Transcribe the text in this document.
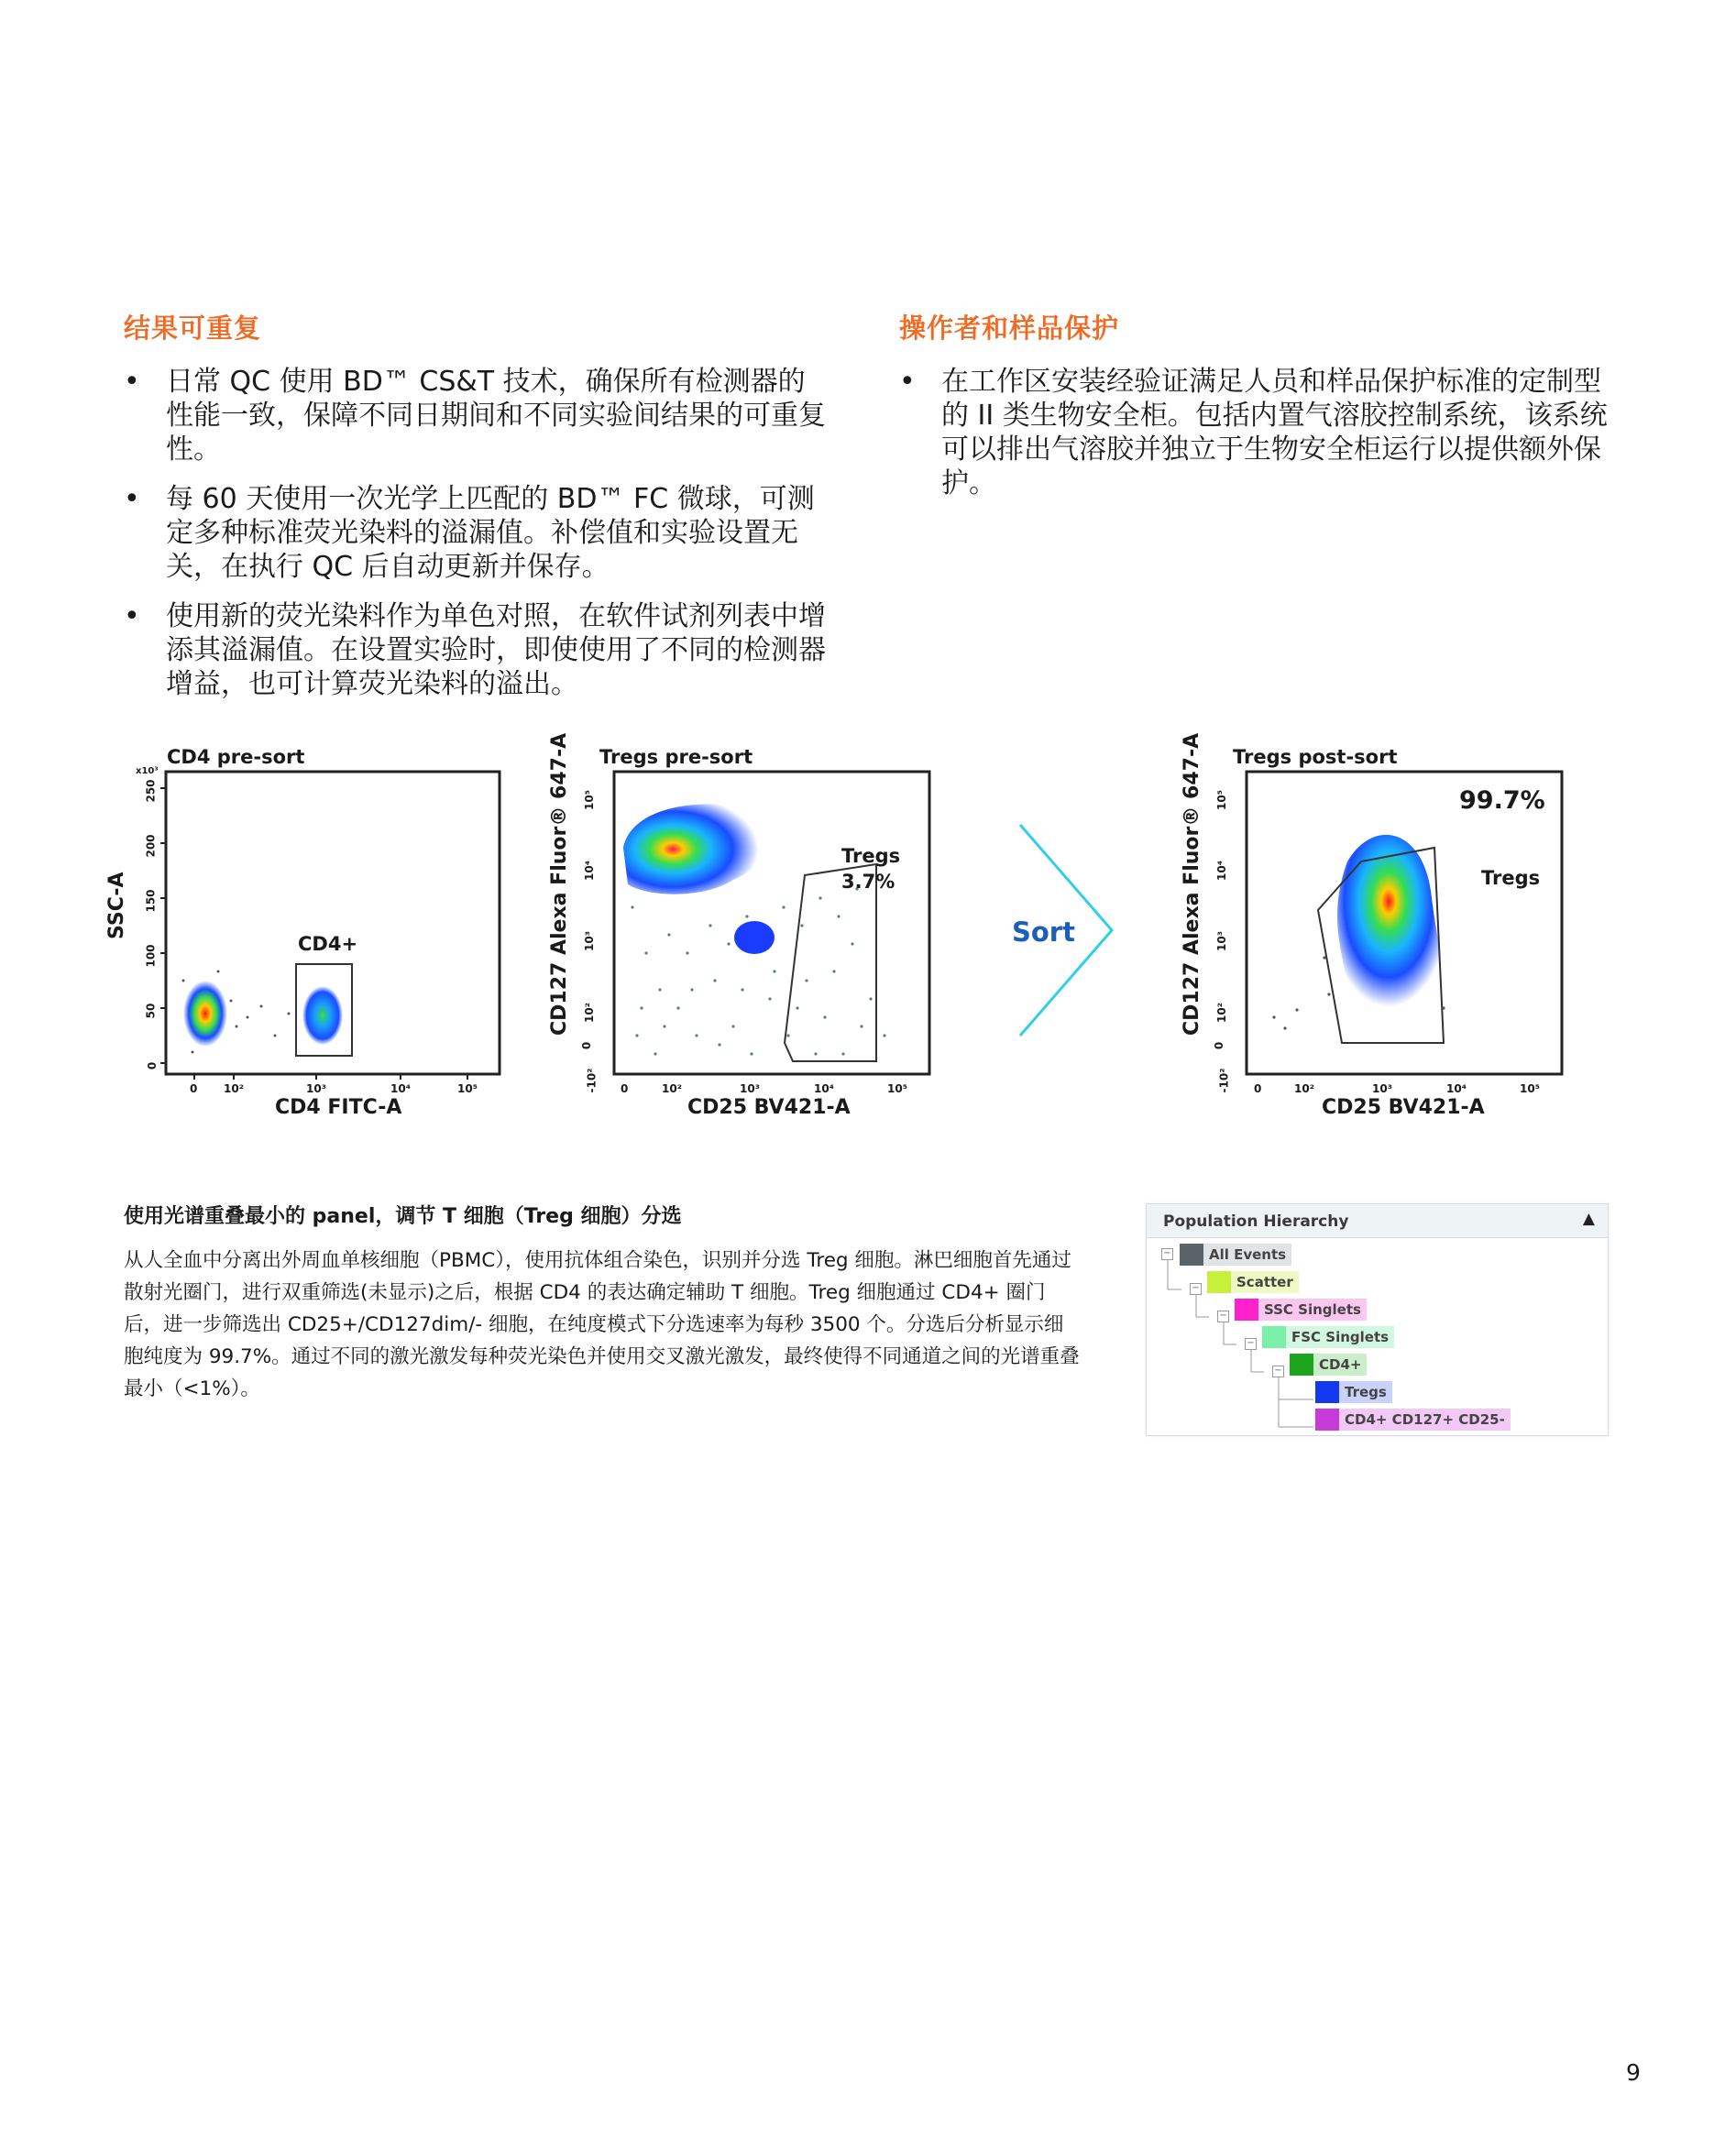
结果可重复
• 日常 QC 使用 BD™ CS&T 技术，确保所有检测器的性能一致，保障不同日期间和不同实验间结果的可重复性。
• 每 60 天使用一次光学上匹配的 BD™ FC 微球，可测定多种标准荧光染料的溢漏值。补偿值和实验设置无关，在执行 QC 后自动更新并保存。
• 使用新的荧光染料作为单色对照，在软件试剂列表中增添其溢漏值。在设置实验时，即使使用了不同的检测器增益，也可计算荧光染料的溢出。
操作者和样品保护
• 在工作区安装经验证满足人员和样品保护标准的定制型的 II 类生物安全柜。包括内置气溶胶控制系统，该系统可以排出气溶胶并独立于生物安全柜运行以提供额外保护。
CD4 pre-sort
x10³
SSC-A
CD4 FITC-A
0
50
100
150
200
250
0 10²	10³	10⁴	10⁵
CD4+
Tregs pre-sort
CD127 Alexa Fluor® 647-A
CD25 BV421-A
-10²
0
10²
10³
10⁴
10⁵
0	10²	10³	10⁴	10⁵
Tregs
3.7%
Sort
Tregs post-sort
CD127 Alexa Fluor® 647-A
CD25 BV421-A
-10²
0
10²
10³
10⁴
10⁵
0	10²	10³	10⁴	10⁵
99.7%
Tregs
使用光谱重叠最小的 panel，调节 T 细胞（Treg 细胞）分选
从人全血中分离出外周血单核细胞（PBMC），使用抗体组合染色，识别并分选 Treg 细胞。淋巴细胞首先通过散射光圈门，进行双重筛选(未显示)之后，根据 CD4 的表达确定辅助 T 细胞。Treg 细胞通过 CD4+ 圈门后，进一步筛选出 CD25+/CD127dim/- 细胞，在纯度模式下分选速率为每秒 3500 个。分选后分析显示细胞纯度为 99.7%。通过不同的激光激发每种荧光染色并使用交叉激光激发，最终使得不同通道之间的光谱重叠最小（<1%）。
Population Hierarchy	▲
−
−
−
−
−
All Events
Scatter
SSC Singlets
FSC Singlets
CD4+
Tregs
CD4+ CD127+ CD25-
9
